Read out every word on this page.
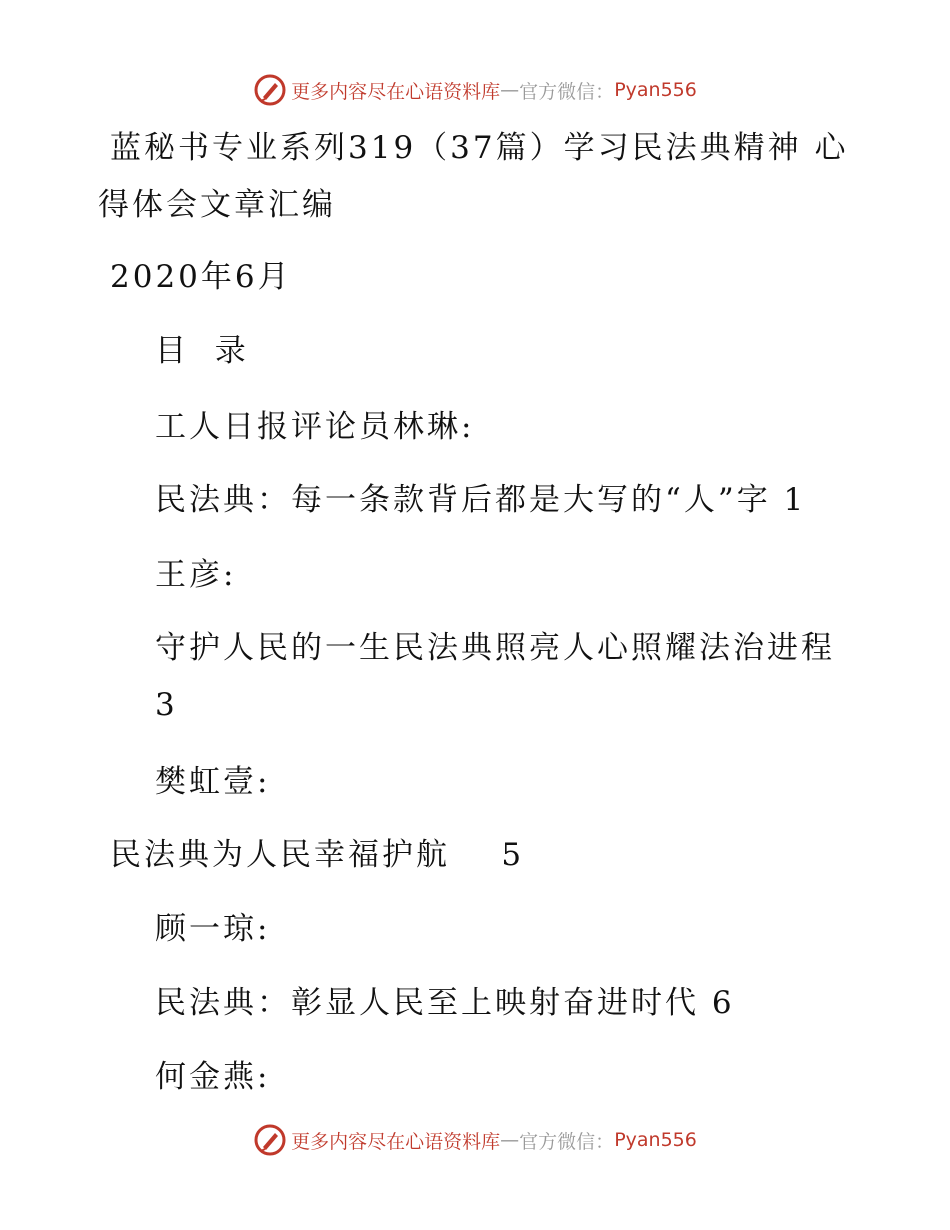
更多内容尽在心语资料库 — 官方微信： Pyan556

蓝秘书专业系列319（37篇）学习民法典精神 心

得体会文章汇编

2020年6月

目  录

工人日报评论员林琳:

民法典：每一条款背后都是大写的“人”字 1

王彦:

守护人民的一生民法典照亮人心照耀法治进程

3

樊虹壹:

民法典为人民幸福护航    5

顾一琼:

民法典：彰显人民至上映射奋进时代 6

何金燕:

更多内容尽在心语资料库 — 官方微信： Pyan556
